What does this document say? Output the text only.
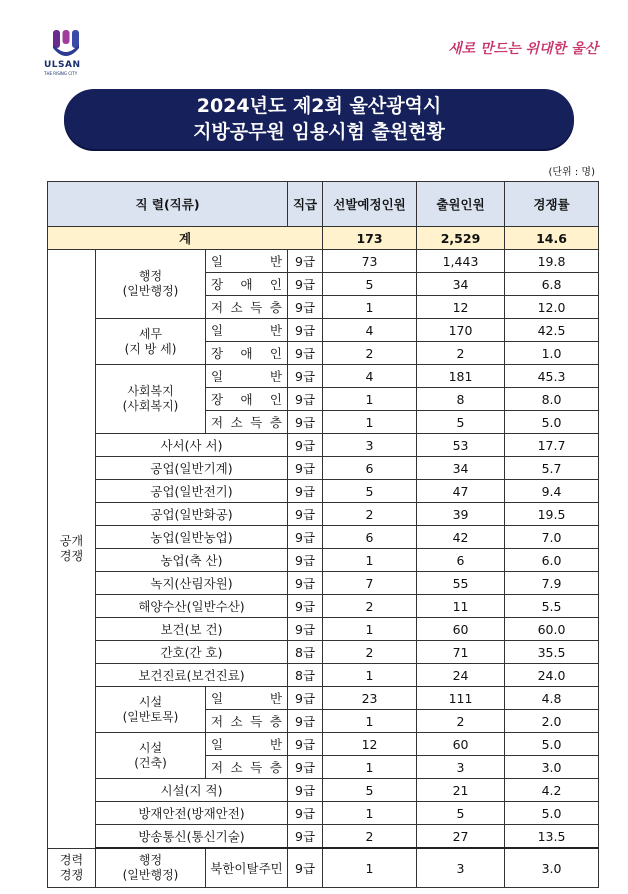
ULSAN
THE RISING CITY
새로 만드는 위대한 울산
2024년도 제2회 울산광역시
지방공무원 임용시험 출원현황
(단위 : 명)
직 렬(직류)			직급	선발예정인원	출원인원	경쟁률
계				173	2,529	14.6
공개
경쟁	행정
(일반행정)	일 반	9급	73	1,443	19.8
		장 애 인	9급	5	34	6.8
		저 소 득 층	9급	1	12	12.0
	세무
(지 방 세)	일 반	9급	4	170	42.5
		장 애 인	9급	2	2	1.0
	사회복지
(사회복지)	일 반	9급	4	181	45.3
		장 애 인	9급	1	8	8.0
		저 소 득 층	9급	1	5	5.0
	사서(사 서)		9급	3	53	17.7
	공업(일반기계)		9급	6	34	5.7
	공업(일반전기)		9급	5	47	9.4
	공업(일반화공)		9급	2	39	19.5
	농업(일반농업)		9급	6	42	7.0
	농업(축 산)		9급	1	6	6.0
	녹지(산림자원)		9급	7	55	7.9
	해양수산(일반수산)		9급	2	11	5.5
	보건(보 건)		9급	1	60	60.0
	간호(간 호)		8급	2	71	35.5
	보건진료(보건진료)		8급	1	24	24.0
	시설
(일반토목)	일 반	9급	23	111	4.8
		저 소 득 층	9급	1	2	2.0
	시설
(건축)	일 반	9급	12	60	5.0
		저 소 득 층	9급	1	3	3.0
	시설(지 적)		9급	5	21	4.2
	방재안전(방재안전)		9급	1	5	5.0
	방송통신(통신기술)		9급	2	27	13.5
경력
경쟁	행정
(일반행정)	북한이탈주민	9급	1	3	3.0
